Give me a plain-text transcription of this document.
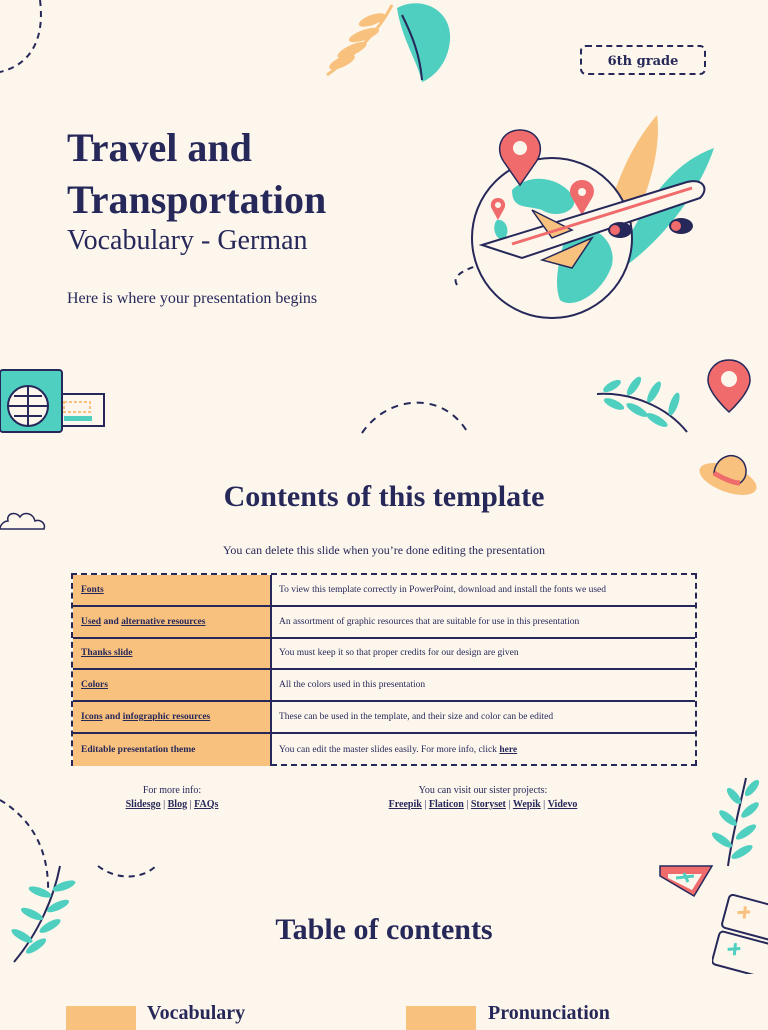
6th grade
Travel and Transportation
Vocabulary - German
Here is where your presentation begins
Contents of this template
You can delete this slide when you’re done editing the presentation
Fonts	To view this template correctly in PowerPoint, download and install the fonts we used
Used and alternative resources	An assortment of graphic resources that are suitable for use in this presentation
Thanks slide	You must keep it so that proper credits for our design are given
Colors	All the colors used in this presentation
Icons and infographic resources	These can be used in the template, and their size and color can be edited
Editable presentation theme	You can edit the master slides easily. For more info, click here
For more info:
Slidesgo | Blog | FAQs
You can visit our sister projects:
Freepik | Flaticon | Storyset | Wepik | Videvo
Table of contents
Vocabulary	Pronunciation
